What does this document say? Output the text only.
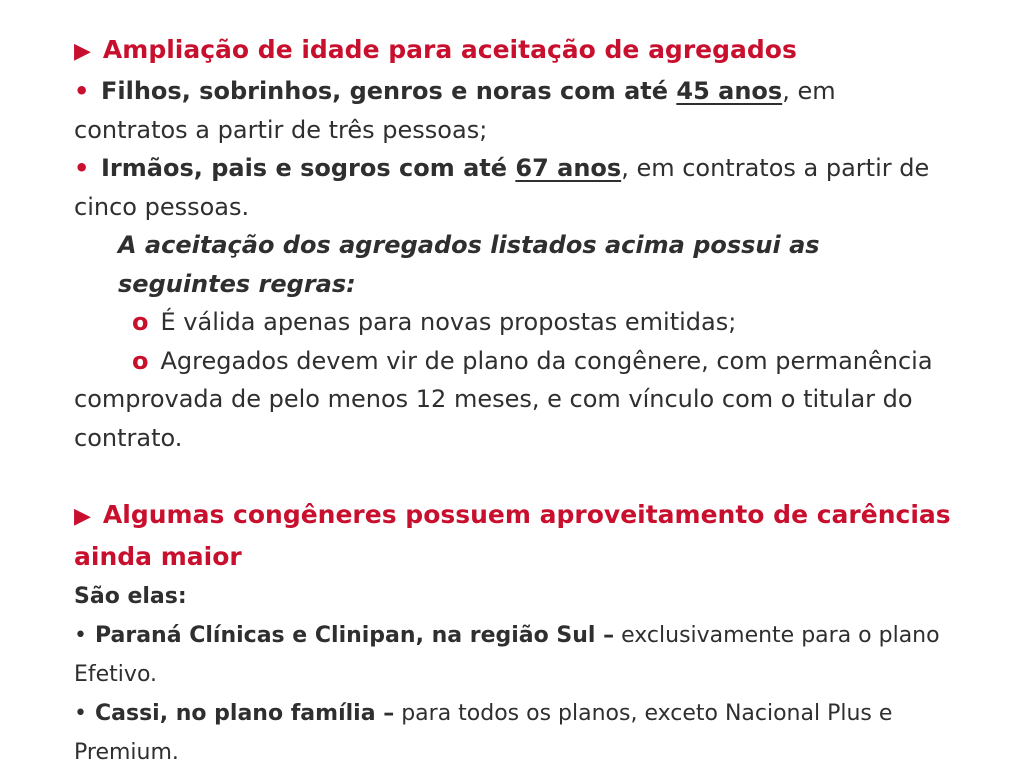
▶ Ampliação de idade para aceitação de agregados
• Filhos, sobrinhos, genros e noras com até 45 anos, em contratos a partir de três pessoas;
• Irmãos, pais e sogros com até 67 anos, em contratos a partir de cinco pessoas.
A aceitação dos agregados listados acima possui as seguintes regras:
o É válida apenas para novas propostas emitidas;
o Agregados devem vir de plano da congênere, com permanência comprovada de pelo menos 12 meses, e com vínculo com o titular do contrato.
▶ Algumas congêneres possuem aproveitamento de carências ainda maior
São elas:
• Paraná Clínicas e Clinipan, na região Sul – exclusivamente para o plano Efetivo.
• Cassi, no plano família – para todos os planos, exceto Nacional Plus e Premium.
